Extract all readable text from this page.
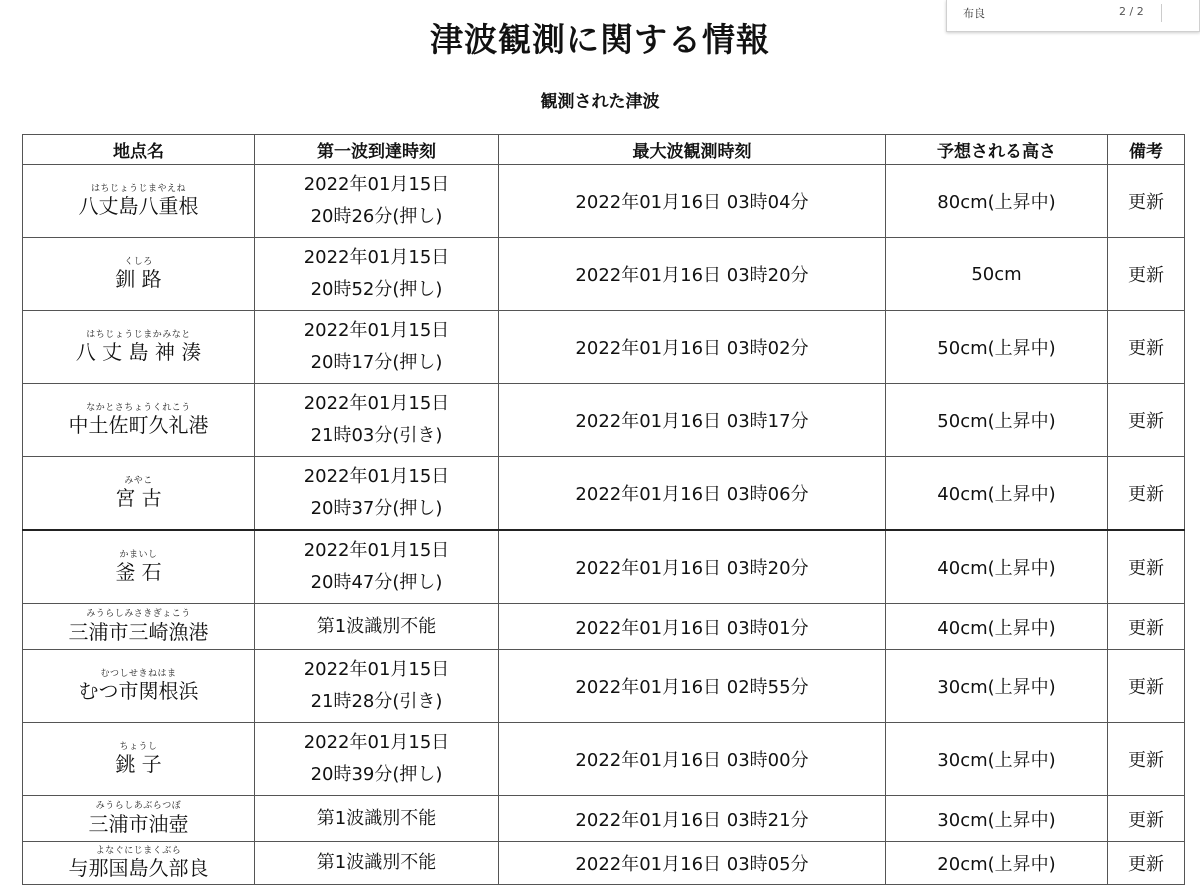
布良	2 / 2
津波観測に関する情報
観測された津波
地点名	第一波到達時刻	最大波観測時刻	予想される高さ	備考

はちじょうじまやえね
八丈島八重根	2022年01月15日
20時26分(押し)	2022年01月16日 03時04分	80cm(上昇中)	更新

くしろ
釧 路	2022年01月15日
20時52分(押し)	2022年01月16日 03時20分	50cm	更新

はちじょうじまかみなと
八 丈 島 神 湊	2022年01月15日
20時17分(押し)	2022年01月16日 03時02分	50cm(上昇中)	更新

なかとさちょうくれこう
中土佐町久礼港	2022年01月15日
21時03分(引き)	2022年01月16日 03時17分	50cm(上昇中)	更新

みやこ
宮 古	2022年01月15日
20時37分(押し)	2022年01月16日 03時06分	40cm(上昇中)	更新

かまいし
釜 石	2022年01月15日
20時47分(押し)	2022年01月16日 03時20分	40cm(上昇中)	更新

みうらしみさきぎょこう
三浦市三崎漁港	第1波識別不能	2022年01月16日 03時01分	40cm(上昇中)	更新

むつしせきねはま
むつ市関根浜	2022年01月15日
21時28分(引き)	2022年01月16日 02時55分	30cm(上昇中)	更新

ちょうし
銚 子	2022年01月15日
20時39分(押し)	2022年01月16日 03時00分	30cm(上昇中)	更新

みうらしあぶらつぼ
三浦市油壺	第1波識別不能	2022年01月16日 03時21分	30cm(上昇中)	更新

よなぐにじまくぶら
与那国島久部良	第1波識別不能	2022年01月16日 03時05分	20cm(上昇中)	更新
